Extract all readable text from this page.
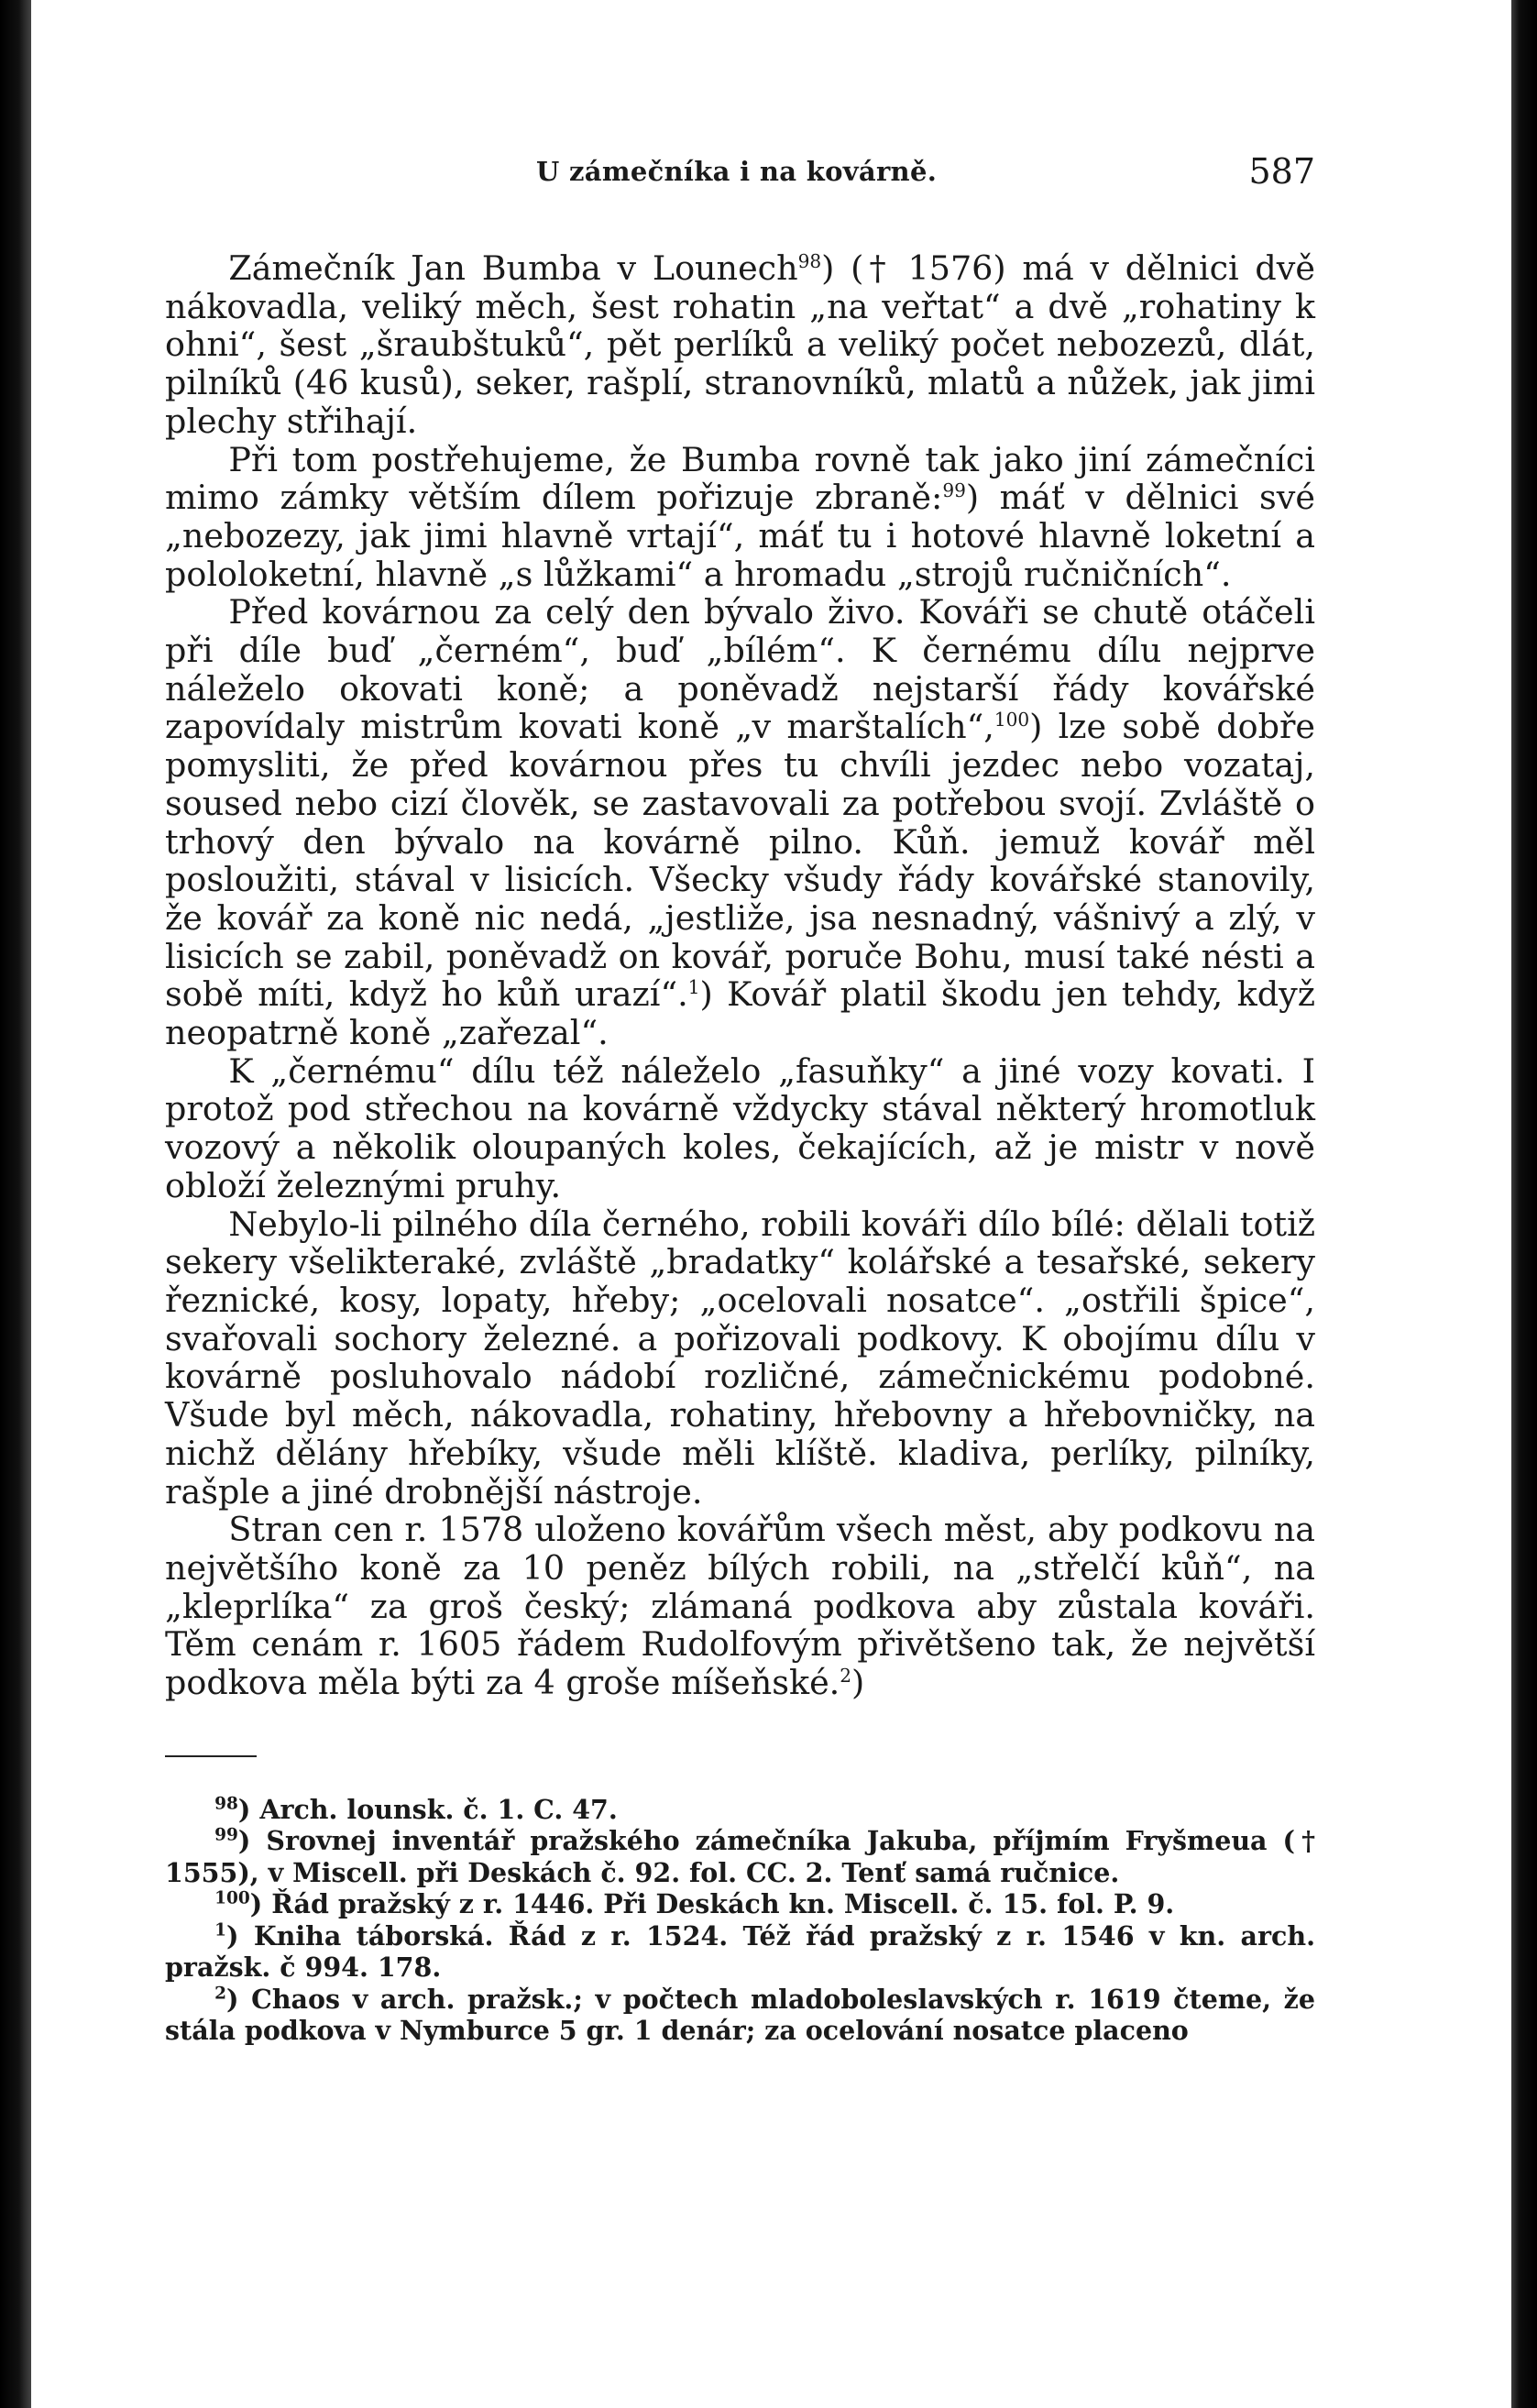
U zámečníka i na kovárně.	587

Zámečník Jan Bumba v Lounech$^{98}$) († 1576) má v dělnici dvě nákovadla, veliký měch, šest rohatin „na veřtat“ a dvě „rohatiny k ohni“, šest „šraubštuků“, pět perlíků a veliký počet nebozezů, dlát, pilníků (46 kusů), seker, rašplí, stranovníků, mlatů a nůžek, jak jimi plechy střihají.

Při tom postřehujeme, že Bumba rovně tak jako jiní zámečníci mimo zámky větším dílem pořizuje zbraně:$^{99}$) máť v dělnici své „nebozezy, jak jimi hlavně vrtají“, máť tu i hotové hlavně loketní a pololoketní, hlavně „s lůžkami“ a hromadu „strojů ručničních“.

Před kovárnou za celý den bývalo živo. Kováři se chutě otáčeli při díle buď „černém“, buď „bílém“. K černému dílu nejprve náleželo okovati koně; a poněvadž nejstarší řády kovářské zapovídaly mistrům kovati koně „v marštalích“,$^{100}$) lze sobě dobře pomysliti, že před kovárnou přes tu chvíli jezdec nebo vozataj, soused nebo cizí člověk, se zastavovali za potřebou svojí. Zvláště o trhový den bývalo na kovárně pilno. Kůň. jemuž kovář měl posloužiti, stával v lisicích. Všecky všudy řády kovářské stanovily, že kovář za koně nic nedá, „jestliže, jsa nesnadný, vášnivý a zlý, v lisicích se zabil, poněvadž on kovář, poruče Bohu, musí také nésti a sobě míti, když ho kůň urazí“.$^1$) Kovář platil škodu jen tehdy, když neopatrně koně „zařezal“.

K „černému“ dílu též náleželo „fasuňky“ a jiné vozy kovati. I protož pod střechou na kovárně vždycky stával některý hromotluk vozový a několik oloupaných koles, čekajících, až je mistr v nově obloží železnými pruhy.

Nebylo-li pilného díla černého, robili kováři dílo bílé: dělali totiž sekery všelikteraké, zvláště „bradatky“ kolářské a tesařské, sekery řeznické, kosy, lopaty, hřeby; „ocelovali nosatce“. „ostřili špice“, svařovali sochory železné. a pořizovali podkovy. K obojímu dílu v kovárně posluhovalo nádobí rozličné, zámečnickému podobné. Všude byl měch, nákovadla, rohatiny, hřebovny a hřebovničky, na nichž dělány hřebíky, všude měli klíště. kladiva, perlíky, pilníky, rašple a jiné drobnější nástroje.

Stran cen r. 1578 uloženo kovářům všech měst, aby podkovu na největšího koně za 10 peněz bílých robili, na „střelčí kůň“, na „kleprlíka“ za groš český; zlámaná podkova aby zůstala kováři. Těm cenám r. 1605 řádem Rudolfovým přivětšeno tak, že největší podkova měla býti za 4 groše míšeňské.$^2$)

$^{98}$) Arch. lounsk. č. 1. C. 47.

$^{99}$) Srovnej inventář pražského zámečníka Jakuba, příjmím Fryšmeua († 1555), v Miscell. při Deskách č. 92. fol. CC. 2. Tenť samá ručnice.

$^{100}$) Řád pražský z r. 1446. Při Deskách kn. Miscell. č. 15. fol. P. 9.

$^1$) Kniha táborská. Řád z r. 1524. Též řád pražský z r. 1546 v kn. arch. pražsk. č 994. 178.

$^2$) Chaos v arch. pražsk.; v počtech mladoboleslavských r. 1619 čteme, že stála podkova v Nymburce 5 gr. 1 denár; za ocelování nosatce placeno
